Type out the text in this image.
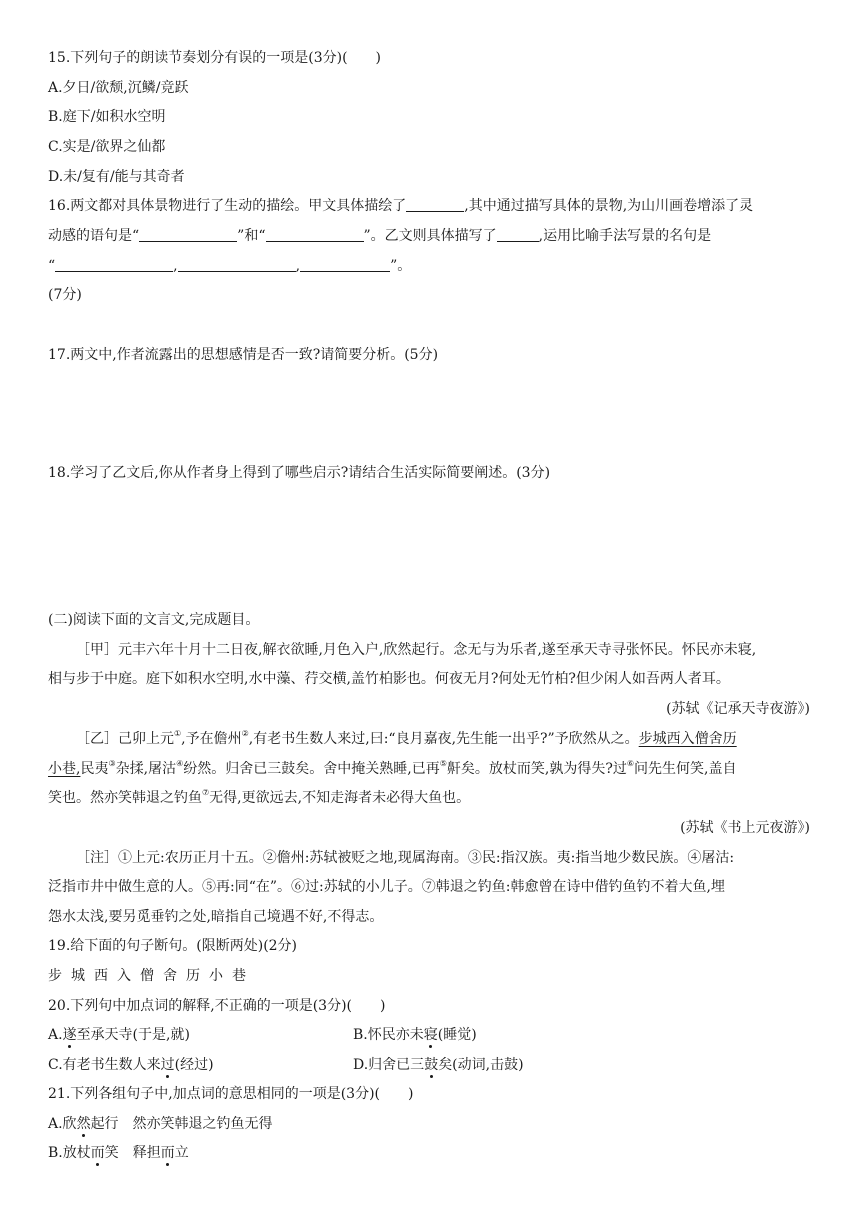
15.下列句子的朗读节奏划分有误的一项是(3分)(　　)
A.夕日/欲颓,沉鳞/竞跃
B.庭下/如积水空明
C.实是/欲界之仙都
D.未/复有/能与其奇者
16.两文都对具体景物进行了生动的描绘。甲文具体描绘了	,其中通过描写具体的景物,为山川画卷增添了灵
动感的语句是“	”和“	”。乙文则具体描写了	,运用比喻手法写景的名句是
“	,	,	”。
(7分)
17.两文中,作者流露出的思想感情是否一致?请简要分析。(5分)
18.学习了乙文后,你从作者身上得到了哪些启示?请结合生活实际简要阐述。(3分)
(二)阅读下面的文言文,完成题目。
［甲］元丰六年十月十二日夜,解衣欲睡,月色入户,欣然起行。念无与为乐者,遂至承天寺寻张怀民。怀民亦未寝,
相与步于中庭。庭下如积水空明,水中藻、荇交横,盖竹柏影也。何夜无月?何处无竹柏?但少闲人如吾两人者耳。
(苏轼《记承天寺夜游》)
［乙］己卯上元①,予在儋州②,有老书生数人来过,曰:“良月嘉夜,先生能一出乎?”予欣然从之。步城西入僧舍历
小巷,民夷③杂揉,屠沽④纷然。归舍已三鼓矣。舍中掩关熟睡,已再⑤鼾矣。放杖而笑,孰为得失?过⑥问先生何笑,盖自
笑也。然亦笑韩退之钓鱼⑦无得,更欲远去,不知走海者未必得大鱼也。
(苏轼《书上元夜游》)
［注］①上元:农历正月十五。②儋州:苏轼被贬之地,现属海南。③民:指汉族。夷:指当地少数民族。④屠沽:
泛指市井中做生意的人。⑤再:同“在”。⑥过:苏轼的小儿子。⑦韩退之钓鱼:韩愈曾在诗中借钓鱼钓不着大鱼,埋
怨水太浅,要另觅垂钓之处,暗指自己境遇不好,不得志。
19.给下面的句子断句。(限断两处)(2分)
步城西入僧舍历小巷
20.下列句中加点词的解释,不正确的一项是(3分)(　　)
A.遂至承天寺(于是,就)	B.怀民亦未寝(睡觉)
C.有老书生数人来过(经过)	D.归舍已三鼓矣(动词,击鼓)
21.下列各组句子中,加点词的意思相同的一项是(3分)(　　)
A.欣然起行　然亦笑韩退之钓鱼无得
B.放杖而笑　释担而立
